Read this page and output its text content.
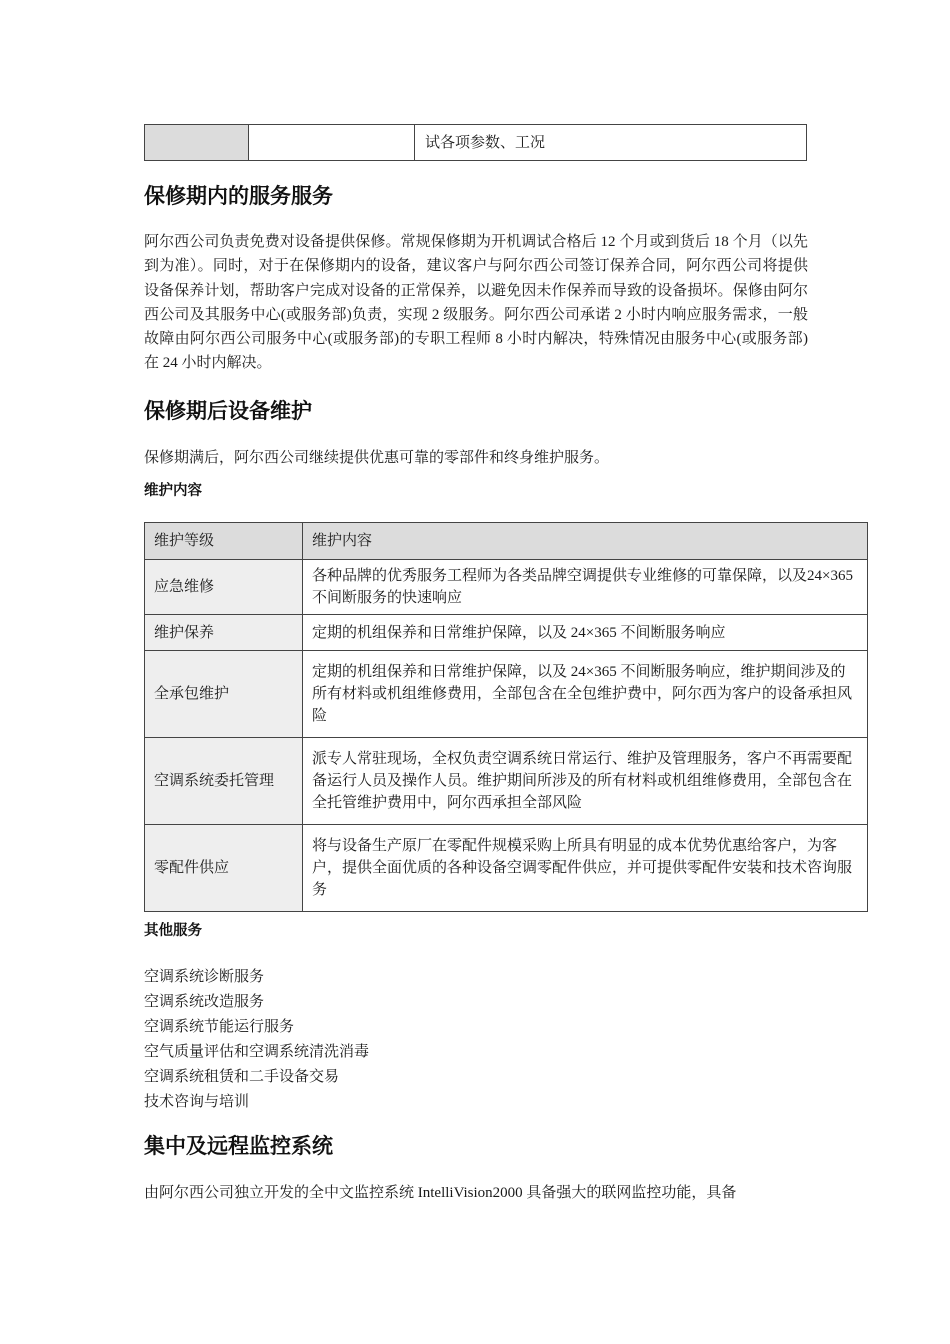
		试各项参数、工况
保修期内的服务服务

阿尔西公司负责免费对设备提供保修。常规保修期为开机调试合格后 12 个月或到货后 18 个月（以先到为准）。同时，对于在保修期内的设备，建议客户与阿尔西公司签订保养合同，阿尔西公司将提供设备保养计划，帮助客户完成对设备的正常保养，以避免因未作保养而导致的设备损坏。保修由阿尔西公司及其服务中心(或服务部)负责，实现 2 级服务。阿尔西公司承诺 2 小时内响应服务需求，一般故障由阿尔西公司服务中心(或服务部)的专职工程师 8 小时内解决，特殊情况由服务中心(或服务部)在 24 小时内解决。

保修期后设备维护

保修期满后，阿尔西公司继续提供优惠可靠的零部件和终身维护服务。

维护内容
维护等级	维护内容
应急维修	各种品牌的优秀服务工程师为各类品牌空调提供专业维修的可靠保障，以及24×365 不间断服务的快速响应
维护保养	定期的机组保养和日常维护保障，以及 24×365 不间断服务响应
全承包维护	定期的机组保养和日常维护保障，以及 24×365 不间断服务响应，维护期间涉及的所有材料或机组维修费用，全部包含在全包维护费中，阿尔西为客户的设备承担风险
空调系统委托管理	派专人常驻现场，全权负责空调系统日常运行、维护及管理服务，客户不再需要配备运行人员及操作人员。维护期间所涉及的所有材料或机组维修费用，全部包含在全托管维护费用中，阿尔西承担全部风险
零配件供应	将与设备生产原厂在零配件规模采购上所具有明显的成本优势优惠给客户，为客户，提供全面优质的各种设备空调零配件供应，并可提供零配件安装和技术咨询服务
其他服务
空调系统诊断服务
空调系统改造服务
空调系统节能运行服务
空气质量评估和空调系统清洗消毒
空调系统租赁和二手设备交易
技术咨询与培训
集中及远程监控系统

由阿尔西公司独立开发的全中文监控系统 IntelliVision2000 具备强大的联网监控功能，具备
